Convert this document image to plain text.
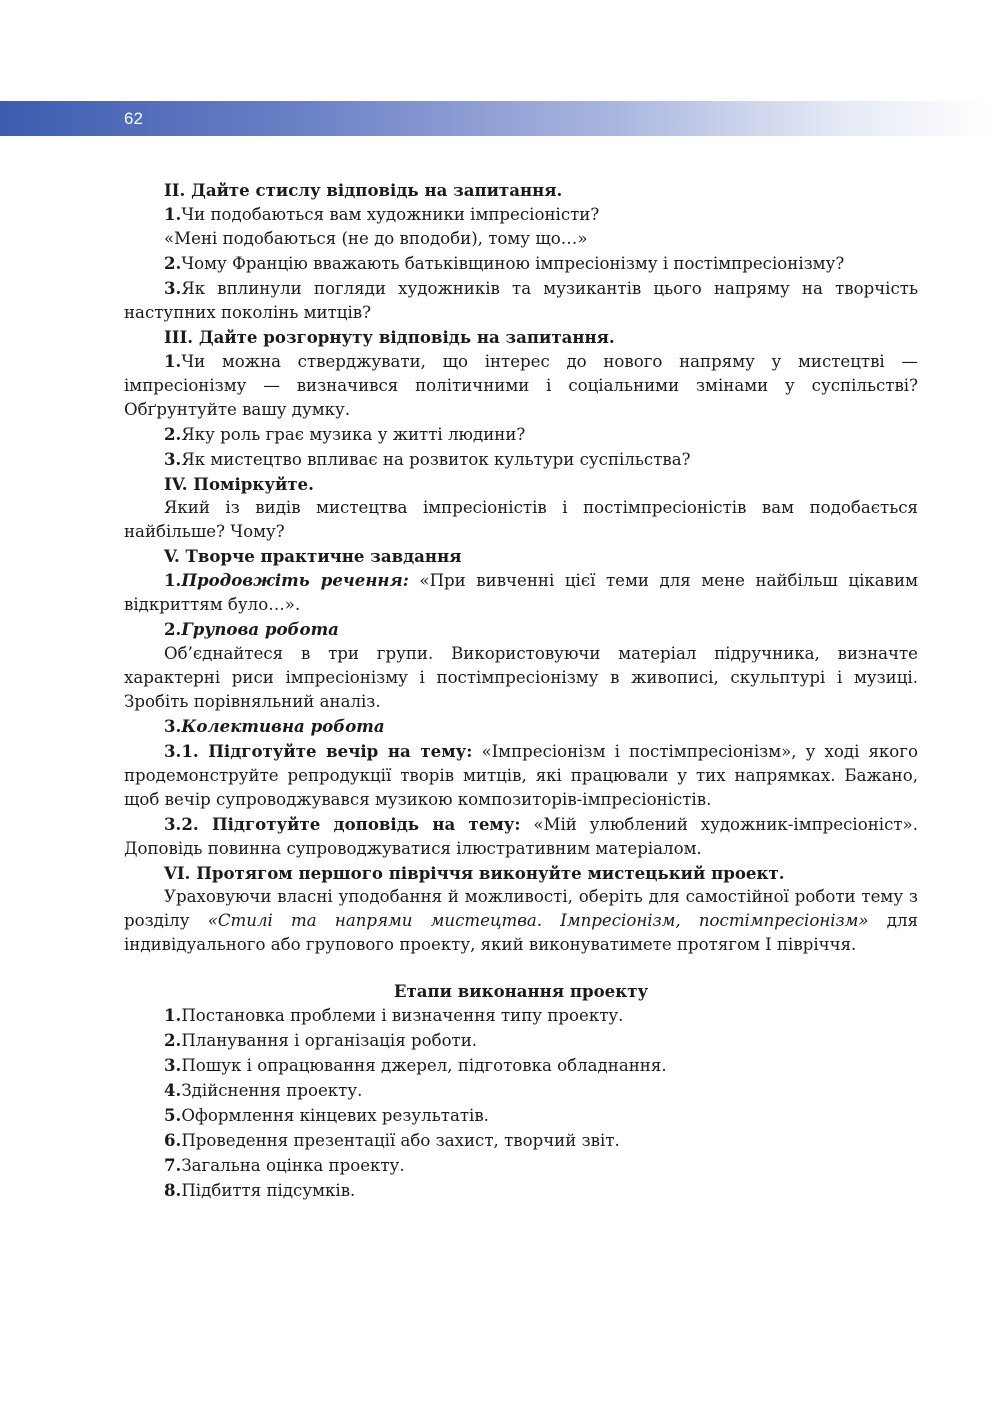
62

ІІ. Дайте стислу відповідь на запитання.

1.Чи подобаються вам художники імпресіоністи?

«Мені подобаються (не до вподоби), тому що…»

2.Чому Францію вважають батьківщиною імпресіонізму і постімпресіонізму?

3.Як вплинули погляди художників та музикантів цього напряму на творчість наступних поколінь митців?

ІІІ. Дайте розгорнуту відповідь на запитання.

1.Чи можна стверджувати, що інтерес до нового напряму у мистецтві — імпресіонізму — визначився політичними і соціальними змінами у суспільстві? Обґрунтуйте вашу думку.

2.Яку роль грає музика у житті людини?

3.Як мистецтво впливає на розвиток культури суспільства?

IV. Поміркуйте.

Який із видів мистецтва імпресіоністів і постімпресіоністів вам подобається найбільше? Чому?

V. Творче практичне завдання

1.Продовжіть речення: «При вивченні цієї теми для мене найбільш цікавим відкриттям було…».

2.Групова робота

Об’єднайтеся в три групи. Використовуючи матеріал підручника, визначте характерні риси імпресіонізму і постімпресіонізму в живописі, скульптурі і музиці. Зробіть порівняльний аналіз.

3.Колективна робота

3.1. Підготуйте вечір на тему: «Імпресіонізм і постімпресіонізм», у ході якого продемонструйте репродукції творів митців, які працювали у тих напрямках. Бажано, щоб вечір супроводжувався музикою композиторів-імпресіоністів.

3.2. Підготуйте доповідь на тему: «Мій улюблений художник-імпресіоніст». Доповідь повинна супроводжуватися ілюстративним матеріалом.

VІ. Протягом першого півріччя виконуйте мистецький проект.

Ураховуючи власні уподобання й можливості, оберіть для самостійної роботи тему з розділу «Стилі та напрями мистецтва. Імпресіонізм, постімпресіонізм» для індивідуального або групового проекту, який виконуватимете протягом І півріччя.

Етапи виконання проекту

1.Постановка проблеми і визначення типу проекту.

2.Планування і організація роботи.

3.Пошук і опрацювання джерел, підготовка обладнання.

4.Здійснення проекту.

5.Оформлення кінцевих результатів.

6.Проведення презентації або захист, творчий звіт.

7.Загальна оцінка проекту.

8.Підбиття підсумків.
